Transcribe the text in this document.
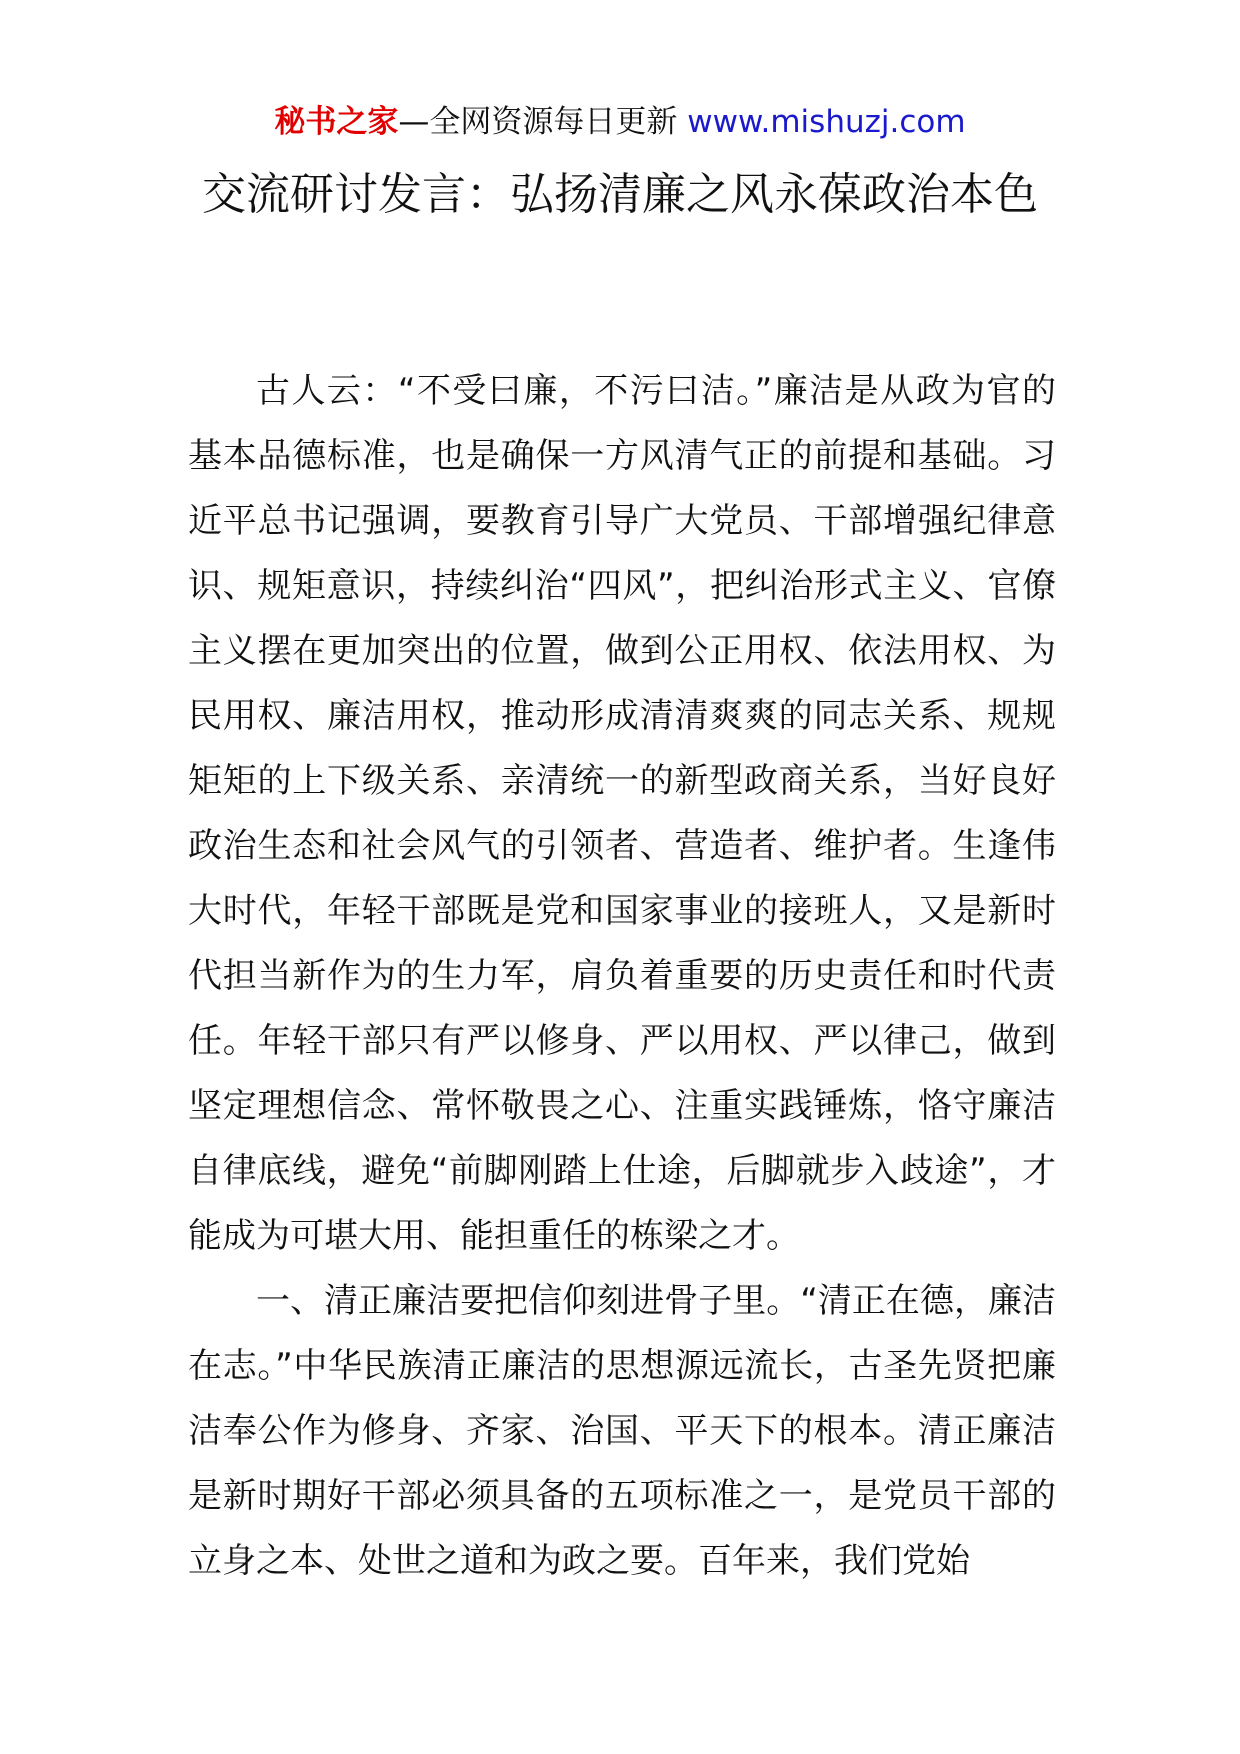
秘书之家—全网资源每日更新 www.mishuzj.com
交流研讨发言：弘扬清廉之风永葆政治本色

古人云：“不受曰廉，不污曰洁。”廉洁是从政为官的基本品德标准，也是确保一方风清气正的前提和基础。习近平总书记强调，要教育引导广大党员、干部增强纪律意识、规矩意识，持续纠治“四风”，把纠治形式主义、官僚主义摆在更加突出的位置，做到公正用权、依法用权、为民用权、廉洁用权，推动形成清清爽爽的同志关系、规规矩矩的上下级关系、亲清统一的新型政商关系，当好良好政治生态和社会风气的引领者、营造者、维护者。生逢伟大时代，年轻干部既是党和国家事业的接班人，又是新时代担当新作为的生力军，肩负着重要的历史责任和时代责任。年轻干部只有严以修身、严以用权、严以律己，做到坚定理想信念、常怀敬畏之心、注重实践锤炼，恪守廉洁自律底线，避免“前脚刚踏上仕途，后脚就步入歧途”，才能成为可堪大用、能担重任的栋梁之才。

一、清正廉洁要把信仰刻进骨子里。“清正在德，廉洁在志。”中华民族清正廉洁的思想源远流长，古圣先贤把廉洁奉公作为修身、齐家、治国、平天下的根本。清正廉洁是新时期好干部必须具备的五项标准之一，是党员干部的立身之本、处世之道和为政之要。百年来，我们党始
